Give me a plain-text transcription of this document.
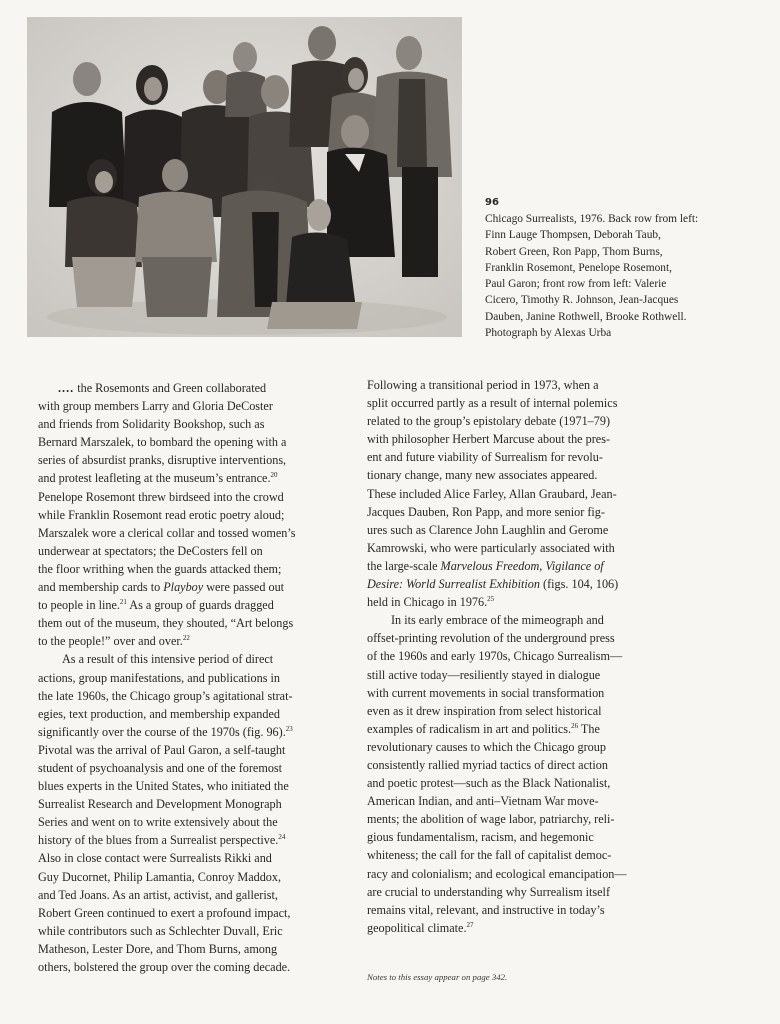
96
Chicago Surrealists, 1976. Back row from left:
Finn Lauge Thompsen, Deborah Taub,
Robert Green, Ron Papp, Thom Burns,
Franklin Rosemont, Penelope Rosemont,
Paul Garon; front row from left: Valerie
Cicero, Timothy R. Johnson, Jean-Jacques
Dauben, Janine Rothwell, Brooke Rothwell.
Photograph by Alexas Urba
.... the Rosemonts and Green collaborated
with group members Larry and Gloria DeCoster
and friends from Solidarity Bookshop, such as
Bernard Marszalek, to bombard the opening with a
series of absurdist pranks, disruptive interventions,
and protest leafleting at the museum’s entrance.$^{20}$
Penelope Rosemont threw birdseed into the crowd
while Franklin Rosemont read erotic poetry aloud;
Marszalek wore a clerical collar and tossed women’s
underwear at spectators; the DeCosters fell on
the floor writhing when the guards attacked them;
and membership cards to Playboy were passed out
to people in line.$^{21}$ As a group of guards dragged
them out of the museum, they shouted, “Art belongs
to the people!” over and over.$^{22}$
As a result of this intensive period of direct
actions, group manifestations, and publications in
the late 1960s, the Chicago group’s agitational strat-
egies, text production, and membership expanded
significantly over the course of the 1970s (fig. 96).$^{23}$
Pivotal was the arrival of Paul Garon, a self-taught
student of psychoanalysis and one of the foremost
blues experts in the United States, who initiated the
Surrealist Research and Development Monograph
Series and went on to write extensively about the
history of the blues from a Surrealist perspective.$^{24}$
Also in close contact were Surrealists Rikki and
Guy Ducornet, Philip Lamantia, Conroy Maddox,
and Ted Joans. As an artist, activist, and gallerist,
Robert Green continued to exert a profound impact,
while contributors such as Schlechter Duvall, Eric
Matheson, Lester Dore, and Thom Burns, among
others, bolstered the group over the coming decade.
Following a transitional period in 1973, when a
split occurred partly as a result of internal polemics
related to the group’s epistolary debate (1971–79)
with philosopher Herbert Marcuse about the pres-
ent and future viability of Surrealism for revolu-
tionary change, many new associates appeared.
These included Alice Farley, Allan Graubard, Jean-
Jacques Dauben, Ron Papp, and more senior fig-
ures such as Clarence John Laughlin and Gerome
Kamrowski, who were particularly associated with
the large-scale Marvelous Freedom, Vigilance of
Desire: World Surrealist Exhibition (figs. 104, 106)
held in Chicago in 1976.25
In its early embrace of the mimeograph and
offset-printing revolution of the underground press
of the 1960s and early 1970s, Chicago Surrealism—
still active today—resiliently stayed in dialogue
with current movements in social transformation
even as it drew inspiration from select historical
examples of radicalism in art and politics.$^{26}$ The
revolutionary causes to which the Chicago group
consistently rallied myriad tactics of direct action
and poetic protest—such as the Black Nationalist,
American Indian, and anti–Vietnam War move-
ments; the abolition of wage labor, patriarchy, reli-
gious fundamentalism, racism, and hegemonic
whiteness; the call for the fall of capitalist democ-
racy and colonialism; and ecological emancipation—
are crucial to understanding why Surrealism itself
remains vital, relevant, and instructive in today’s
geopolitical climate.$^{27}$
Notes to this essay appear on page 342.
